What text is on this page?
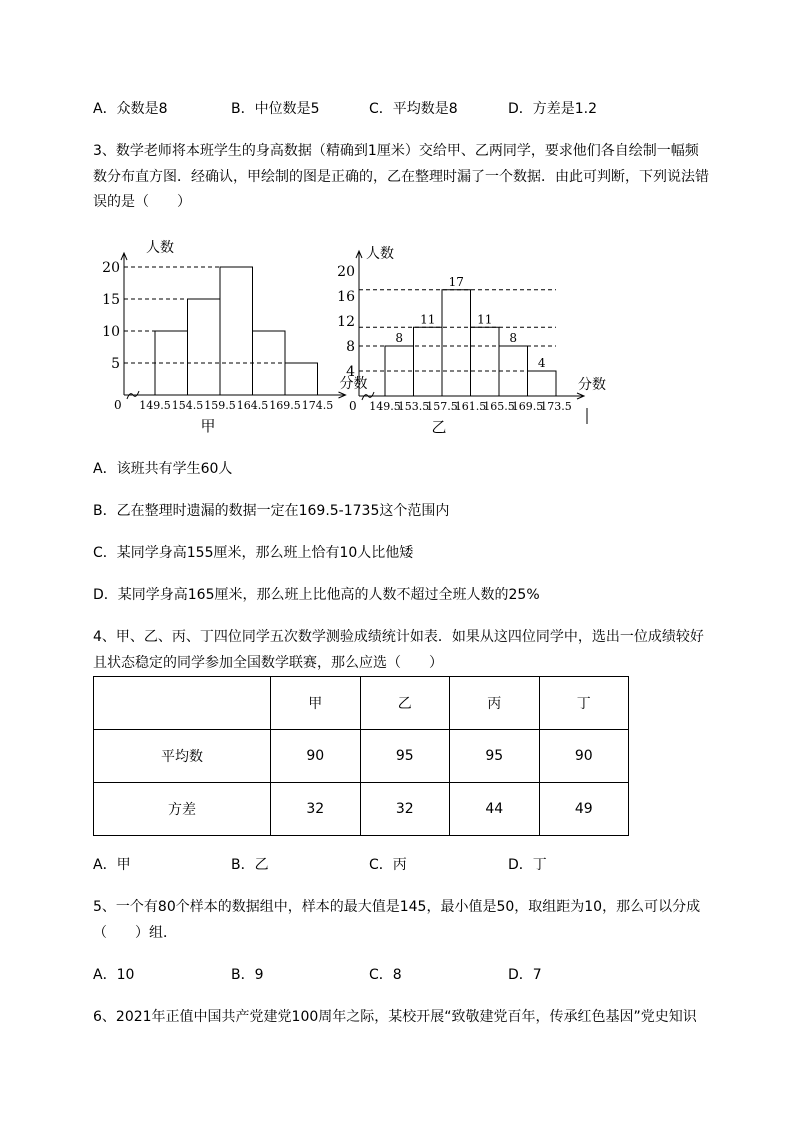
A．众数是8	B．中位数是5	C．平均数是8	D．方差是1.2
3、数学老师将本班学生的身高数据（精确到1厘米）交给甲、乙两同学，要求他们各自绘制一幅频
数分布直方图．经确认，甲绘制的图是正确的，乙在整理时漏了一个数据．由此可判断，下列说法错
误的是（　　）
0
5
10
15
20
149.5 154.5 159.5 164.5 169.5 174.5
人数
分数
甲
0
4
8
12
16
20
8
11
17
11
8
4
149.5
153.5
157.5
161.5
165.5
169.5
173.5
人数
分数
乙
A．该班共有学生60人
B．乙在整理时遗漏的数据一定在169.5-1735这个范围内
C．某同学身高155厘米，那么班上恰有10人比他矮
D．某同学身高165厘米，那么班上比他高的人数不超过全班人数的25%
4、甲、乙、丙、丁四位同学五次数学测验成绩统计如表．如果从这四位同学中，选出一位成绩较好
且状态稳定的同学参加全国数学联赛，那么应选（　　）
	甲	乙	丙	丁
平均数	90	95	95	90
方差	32	32	44	49
A．甲	B．乙	C．丙	D．丁
5、一个有80个样本的数据组中，样本的最大值是145，最小值是50，取组距为10，那么可以分成
（　　）组．
A．10	B．9	C．8	D．7
6、2021年正值中国共产党建党100周年之际，某校开展“致敬建党百年，传承红色基因”党史知识
